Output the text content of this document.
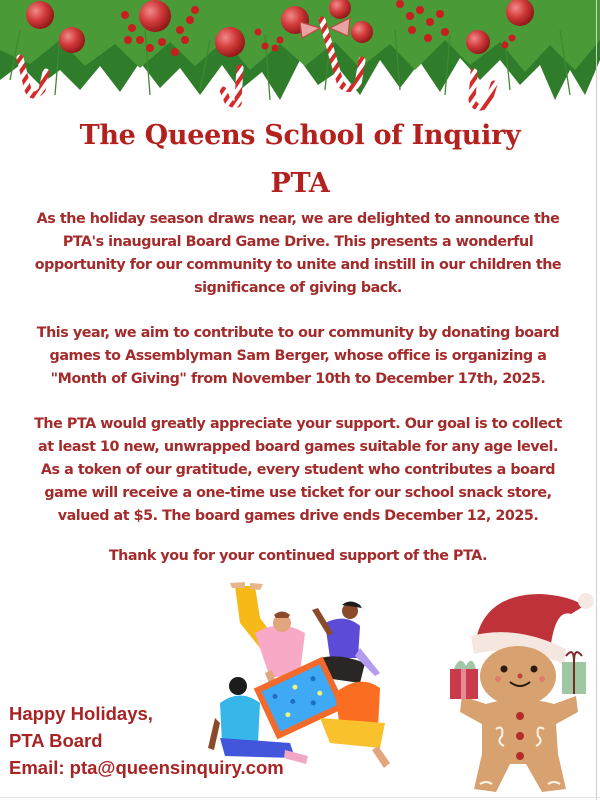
The Queens School of Inquiry
PTA
As the holiday season draws near, we are delighted to announce the
PTA's inaugural Board Game Drive. This presents a wonderful
opportunity for our community to unite and instill in our children the
significance of giving back.
This year, we aim to contribute to our community by donating board
games to Assemblyman Sam Berger, whose office is organizing a
"Month of Giving" from November 10th to December 17th, 2025.
The PTA would greatly appreciate your support. Our goal is to collect
at least 10 new, unwrapped board games suitable for any age level.
As a token of our gratitude, every student who contributes a board
game will receive a one-time use ticket for our school snack store,
valued at $5. The board games drive ends December 12, 2025.
Thank you for your continued support of the PTA.
Happy Holidays,
PTA Board
Email: pta@queensinquiry.com
